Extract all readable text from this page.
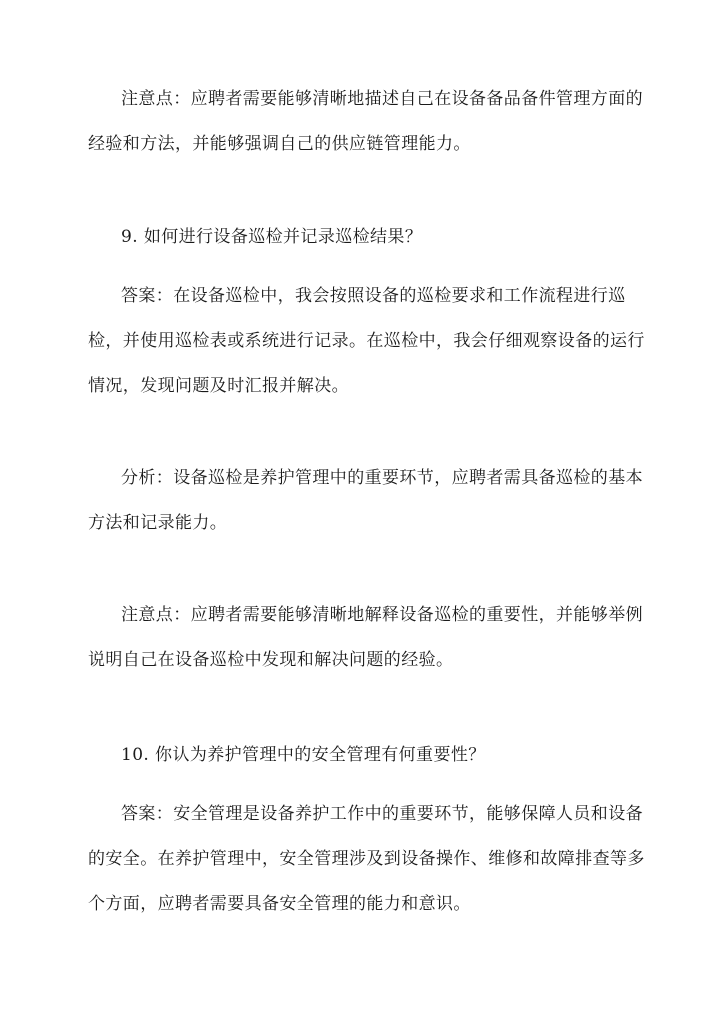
注意点：应聘者需要能够清晰地描述自己在设备备品备件管理方面的经验和方法，并能够强调自己的供应链管理能力。

9. 如何进行设备巡检并记录巡检结果？

答案：在设备巡检中，我会按照设备的巡检要求和工作流程进行巡检，并使用巡检表或系统进行记录。在巡检中，我会仔细观察设备的运行情况，发现问题及时汇报并解决。

分析：设备巡检是养护管理中的重要环节，应聘者需具备巡检的基本方法和记录能力。

注意点：应聘者需要能够清晰地解释设备巡检的重要性，并能够举例说明自己在设备巡检中发现和解决问题的经验。

10. 你认为养护管理中的安全管理有何重要性？

答案：安全管理是设备养护工作中的重要环节，能够保障人员和设备的安全。在养护管理中，安全管理涉及到设备操作、维修和故障排查等多个方面，应聘者需要具备安全管理的能力和意识。
